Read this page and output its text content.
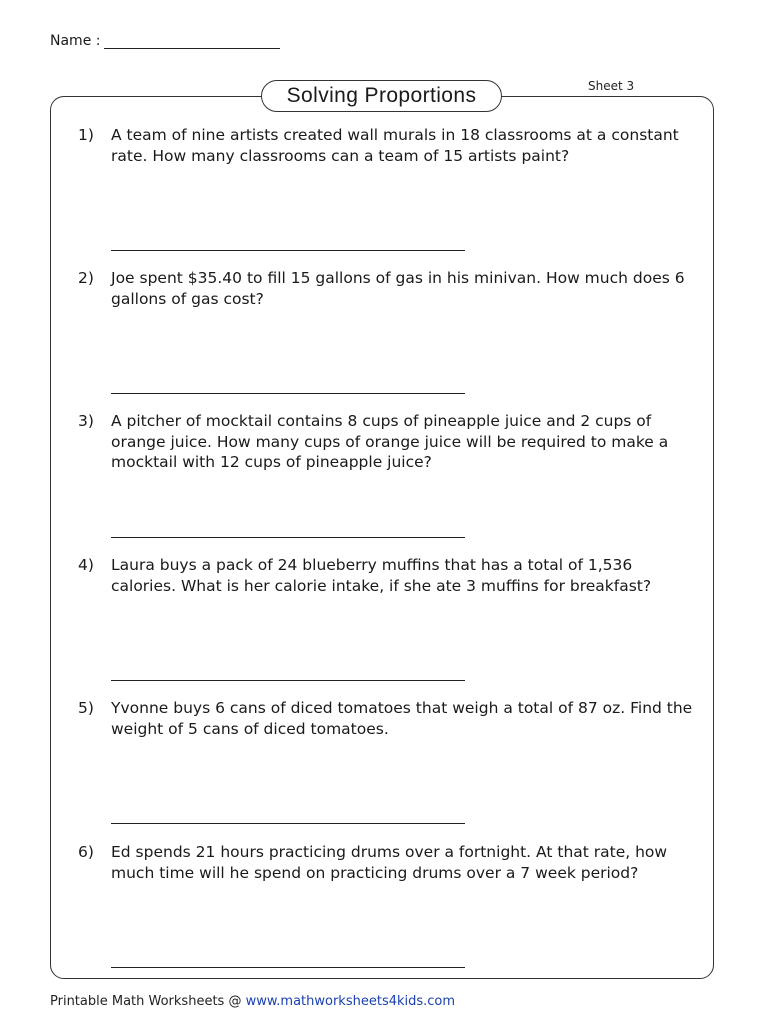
Name :
Sheet 3
Solving Proportions
1)	A team of nine artists created wall murals in 18 classrooms at a constant rate. How many classrooms can a team of 15 artists paint?
2)	Joe spent $35.40 to fill 15 gallons of gas in his minivan. How much does 6 gallons of gas cost?
3)	A pitcher of mocktail contains 8 cups of pineapple juice and 2 cups of orange juice. How many cups of orange juice will be required to make a mocktail with 12 cups of pineapple juice?
4)	Laura buys a pack of 24 blueberry muffins that has a total of 1,536 calories. What is her calorie intake, if she ate 3 muffins for breakfast?
5)	Yvonne buys 6 cans of diced tomatoes that weigh a total of 87 oz. Find the weight of 5 cans of diced tomatoes.
6)	Ed spends 21 hours practicing drums over a fortnight. At that rate, how much time will he spend on practicing drums over a 7 week period?
Printable Math Worksheets @ www.mathworksheets4kids.com
